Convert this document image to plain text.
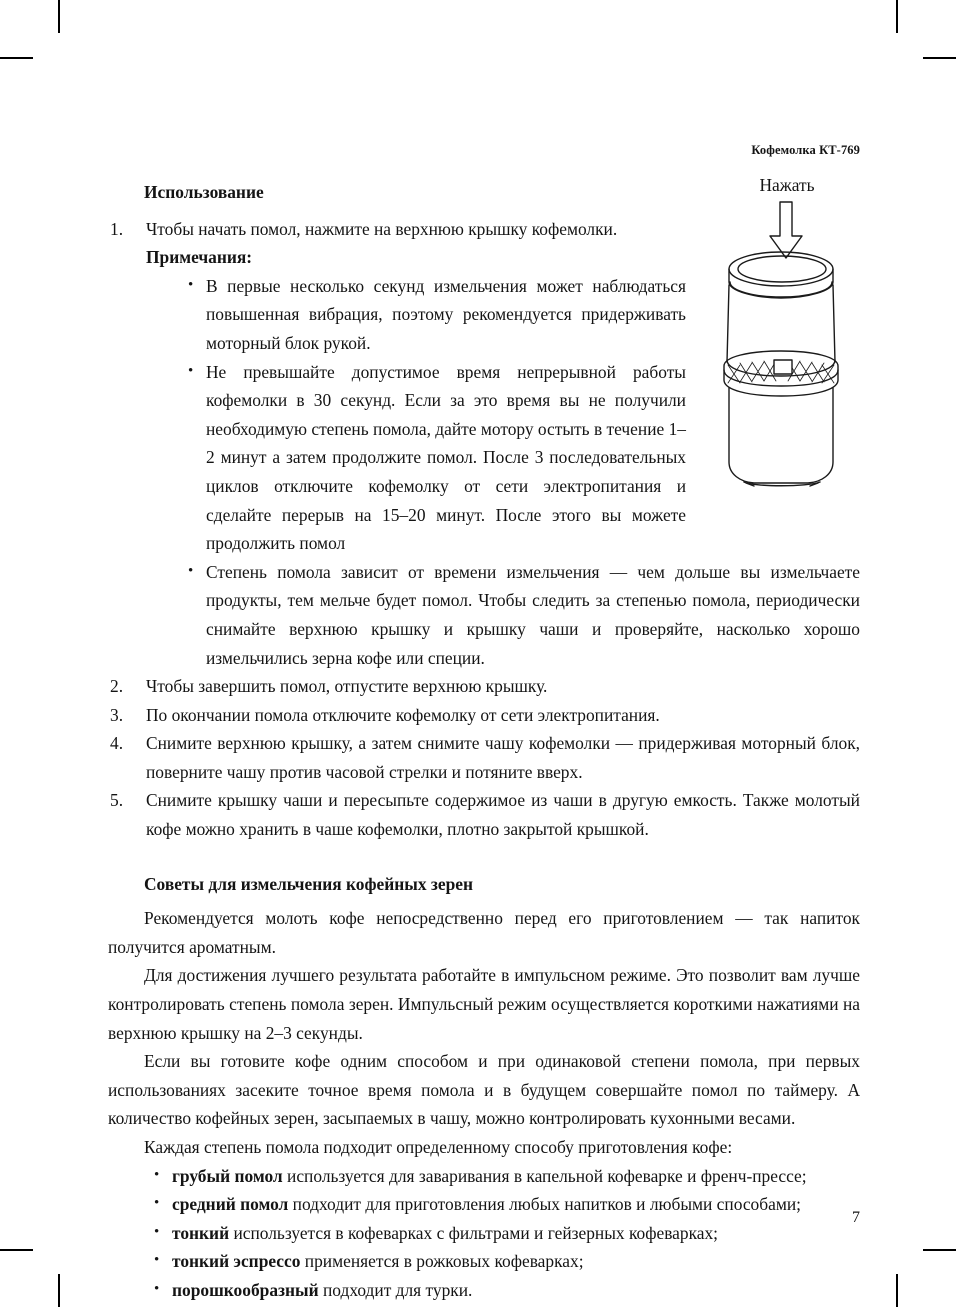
Кофемолка КТ-769
Нажать
Использование
1.	Чтобы начать помол, нажмите на верхнюю крышку кофемолки.
Примечания:
• В первые несколько секунд измельчения может наблюдаться повышенная вибрация, поэтому рекомендуется придерживать моторный блок рукой.
• Не превышайте допустимое время непрерывной работы кофемолки в 30 секунд. Если за это время вы не получили необходимую степень помола, дайте мотору остыть в течение 1–2 минут а затем продолжите помол. После 3 последовательных циклов отключите кофемолку от сети электропитания и сделайте перерыв на 15–20 минут. После этого вы можете продолжить помол
• Степень помола зависит от времени измельчения — чем дольше вы измельчаете продукты, тем мельче будет помол. Чтобы следить за степенью помола, периодически снимайте верхнюю крышку и крышку чаши и проверяйте, насколько хорошо измельчились зерна кофе или специи.
2.	Чтобы завершить помол, отпустите верхнюю крышку.
3.	По окончании помола отключите кофемолку от сети электропитания.
4.	Снимите верхнюю крышку, а затем снимите чашу кофемолки — придерживая моторный блок, поверните чашу против часовой стрелки и потяните вверх.
5.	Снимите крышку чаши и пересыпьте содержимое из чаши в другую емкость. Также молотый кофе можно хранить в чаше кофемолки, плотно закрытой крышкой.
Советы для измельчения кофейных зерен

Рекомендуется молоть кофе непосредственно перед его приготовлением — так напиток получится ароматным.

Для достижения лучшего результата работайте в импульсном режиме. Это позволит вам лучше контролировать степень помола зерен. Импульсный режим осуществляется короткими нажатиями на верхнюю крышку на 2–3 секунды.

Если вы готовите кофе одним способом и при одинаковой степени помола, при первых использованиях засеките точное время помола и в будущем совершайте помол по таймеру. А количество кофейных зерен, засыпаемых в чашу, можно контролировать кухонными весами.

Каждая степень помола подходит определенному способу приготовления кофе:

• грубый помол используется для заваривания в капельной кофеварке и френч-прессе;
• средний помол подходит для приготовления любых напитков и любыми способами;
• тонкий используется в кофеварках с фильтрами и гейзерных кофеварках;
• тонкий эспрессо применяется в рожковых кофеварках;
• порошкообразный подходит для турки.
7
